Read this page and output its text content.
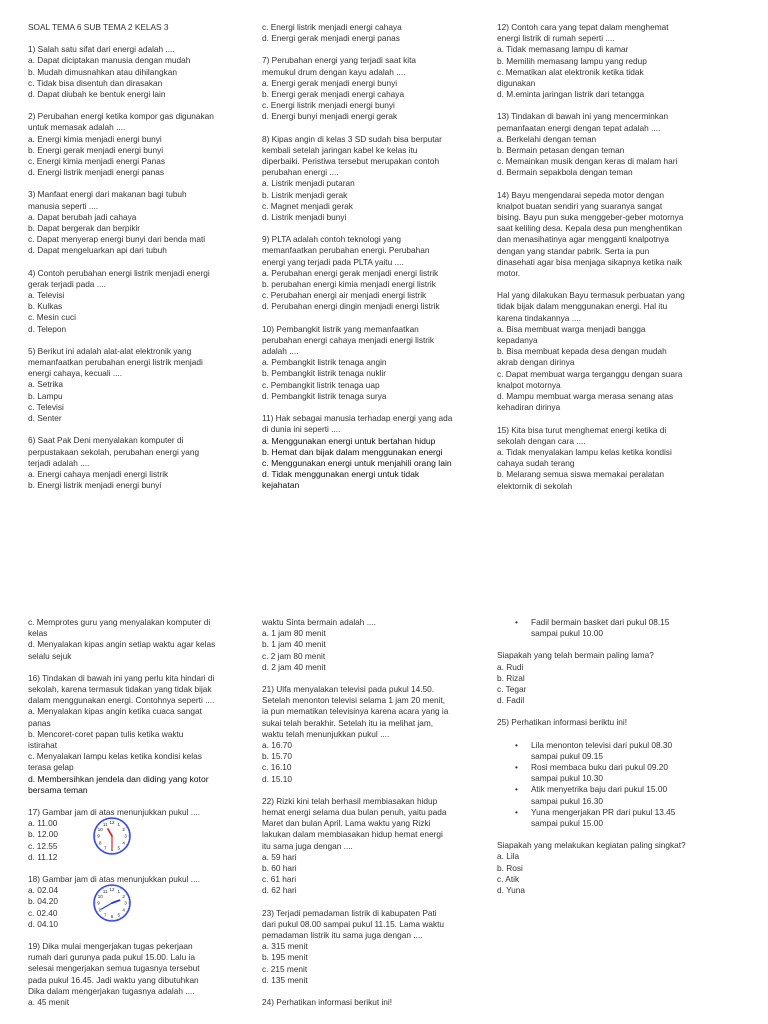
SOAL TEMA 6 SUB TEMA 2 KELAS 3
1) Salah satu sifat dari energi adalah ....
a. Dapat diciptakan manusia dengan mudah
b. Mudah dimusnahkan atau dihilangkan
c. Tidak bisa disentuh dan dirasakan
d. Dapat diubah ke bentuk energi lain
2) Perubahan energi ketika kompor gas digunakan
untuk memasak adalah ....
a. Energi kimia menjadi energi bunyi
b. Energi gerak menjadi energi bunyi
c. Energi kimia menjadi energi Panas
d. Energi listrik menjadi energi panas
3) Manfaat energi dari makanan bagi tubuh
manusia seperti ....
a. Dapat berubah jadi cahaya
b. Dapat bergerak dan berpikir
c. Dapat menyerap energi bunyi dari benda mati
d. Dapat mengeluarkan api dari tubuh
4) Contoh perubahan energi listrik menjadi energi
gerak terjadi pada ....
a. Televisi
b. Kulkas
c. Mesin cuci
d. Telepon
5) Berikut ini adalah alat-alat elektronik yang
memanfaatkan perubahan energi listrik menjadi
energi cahaya, kecuali ....
a. Setrika
b. Lampu
c. Televisi
d. Senter
6) Saat Pak Deni menyalakan komputer di
perpustakaan sekolah, perubahan energi yang
terjadi adalah ....
a. Energi cahaya menjadi energi listrik
b. Energi listrik menjadi energi bunyi
c. Energi listrik menjadi energi cahaya
d. Energi gerak menjadi energi panas
7) Perubahan energi yang terjadi saat kita
memukul drum dengan kayu adalah ....
a. Energi gerak menjadi energi bunyi
b. Energi gerak menjadi energi cahaya
c. Energi listrik menjadi energi bunyi
d. Energi bunyi menjadi energi gerak
8) Kipas angin di kelas 3 SD sudah bisa berputar
kembali setelah jaringan kabel ke kelas itu
diperbaiki. Peristiwa tersebut merupakan contoh
perubahan energi ....
a. Listrik menjadi putaran
b. Listrik menjadi gerak
c. Magnet menjadi gerak
d. Listrik menjadi bunyi
9) PLTA adalah contoh teknologi yang
memanfaatkan perubahan energi. Perubahan
energi yang terjadi pada PLTA yaitu ....
a. Perubahan energi gerak menjadi energi listrik
b. perubahan energi kimia menjadi energi listrik
c. Perubahan energi air menjadi energi listrik
d. Perubahan energi dingin menjadi energi listrik
10) Pembangkit listrik yang memanfaatkan
perubahan energi cahaya menjadi energi listrik
adalah ....
a. Pembangkit listrik tenaga angin
b. Pembangkit listrik tenaga nuklir
c. Pembangkit listrik tenaga uap
d. Pembangkit listrik tenaga surya
11) Hak sebagai manusia terhadap energi yang ada
di dunia ini seperti ....
a. Menggunakan energi untuk bertahan hidup
b. Hemat dan bijak dalam menggunakan energi
c. Menggunakan energi untuk menjahili orang lain
d. Tidak menggunakan energi untuk tidak
kejahatan
12) Contoh cara yang tepat dalam menghemat
energi listrik di rumah seperti ....
a. Tidak memasang lampu di kamar
b. Memilih memasang lampu yang redup
c. Mematikan alat elektronik ketika tidak
digunakan
d. M.eminta jaringan listrik dari tetangga
13) Tindakan di bawah ini yang mencerminkan
pemanfaatan energi dengan tepat adalah ....
a. Berkelahi dengan teman
b. Bermain petasan dengan teman
c. Memainkan musik dengan keras di malam hari
d. Bermain sepakbola dengan teman
14) Bayu mengendarai sepeda motor dengan
knalpot buatan sendiri yang suaranya sangat
bising. Bayu pun suka menggeber-geber motornya
saat keliling desa. Kepala desa pun menghentikan
dan menasihatinya agar mengganti knalpotnya
dengan yang standar pabrik. Serta ia pun
dinasehati agar bisa menjaga sikapnya ketika naik
motor.
Hal yang dilakukan Bayu termasuk perbuatan yang
tidak bijak dalam menggunakan energi. Hal itu
karena tindakannya ....
a. Bisa membuat warga menjadi bangga
kepadanya
b. Bisa membuat kepada desa dengan mudah
akrab dengan dirinya
c. Dapat membuat warga terganggu dengan suara
knalpot motornya
d. Mampu membuat warga merasa senang atas
kehadiran dirinya
15) Kita bisa turut menghemat energi ketika di
sekolah dengan cara ....
a. Tidak menyalakan lampu kelas ketika kondisi
cahaya sudah terang
b. Melarang semua siswa memakai peralatan
elektornik di sekolah
c. Memprotes guru yang menyalakan komputer di
kelas
d. Menyalakan kipas angin setiap waktu agar kelas
selalu sejuk
16) Tindakan di bawah ini yang perlu kita hindari di
sekolah, karena termasuk tidakan yang tidak bijak
dalam menggunakan energi. Contohnya seperti ....
a. Menyalakan kipas angin ketika cuaca sangat
panas
b. Mencoret-coret papan tulis ketika waktu
istirahat
c. Menyalakan lampu kelas ketika kondisi kelas
terasa gelap
d. Membersihkan jendela dan diding yang kotor
bersama teman
17) Gambar jam di atas menunjukkan pukul ....
a. 11.00
b. 12.00
c. 12.55
d. 11.12
12 1
2
3
4
5
6
7
8
9
10
11
18) Gambar jam di atas menunjukkan pukul ....
a. 02.04
b. 04.20
c. 02.40
d. 04.10
12 1
2
3
4
5
6
7
8
9
10
11
19) Dika mulai mengerjakan tugas pekerjaan
rumah dari gurunya pada pukul 15.00. Lalu ia
selesai mengerjakan semua tugasnya tersebut
pada pukul 16.45. Jadi waktu yang dibutuhkan
Dika dalam mengerjakan tugasnya adalah ....
a. 45 menit
waktu Sinta bermain adalah ....
a. 1 jam 80 menit
b. 1 jam 40 menit
c. 2 jam 80 menit
d. 2 jam 40 menit
21) Ulfa menyalakan televisi pada pukul 14.50.
Setelah menonton televisi selama 1 jam 20 menit,
ia pun mematikan televisinya karena acara yang ia
sukai telah berakhir. Setelah itu ia melihat jam,
waktu telah menunjukkan pukul ....
a. 16.70
b. 15.70
c. 16.10
d. 15.10
22) Rizki kini telah berhasil membiasakan hidup
hemat energi selama dua bulan penuh, yaitu pada
Maret dan bulan April. Lama waktu yang Rizki
lakukan dalam membiasakan hidup hemat energi
itu sama juga dengan ....
a. 59 hari
b. 60 hari
c. 61 hari
d. 62 hari
23) Terjadi pemadaman listrik di kabupaten Pati
dari pukul 08.00 sampai pukul 11.15. Lama waktu
pemadaman listrik itu sama juga dengan ....
a. 315 menit
b. 195 menit
c. 215 menit
d. 135 menit
24) Perhatikan informasi berikut ini!
• Fadil bermain basket dari pukul 08.15
sampai pukul 10.00
Siapakah yang telah bermain paling lama?
a. Rudi
b. Rizal
c. Tegar
d. Fadil
25) Perhatikan informasi beriktu ini!
• Lila menonton televisi dari pukul 08.30
sampai pukul 09.15
• Rosi membaca buku dari pukul 09.20
sampai pukul 10.30
• Atik menyetrika baju dari pukul 15.00
sampai pukul 16.30
• Yuna mengerjakan PR dari pukul 13.45
sampai pukul 15.00
Siapakah yang melakukan kegiatan paling singkat?
a. Lila
b. Rosi
c. Atik
d. Yuna
